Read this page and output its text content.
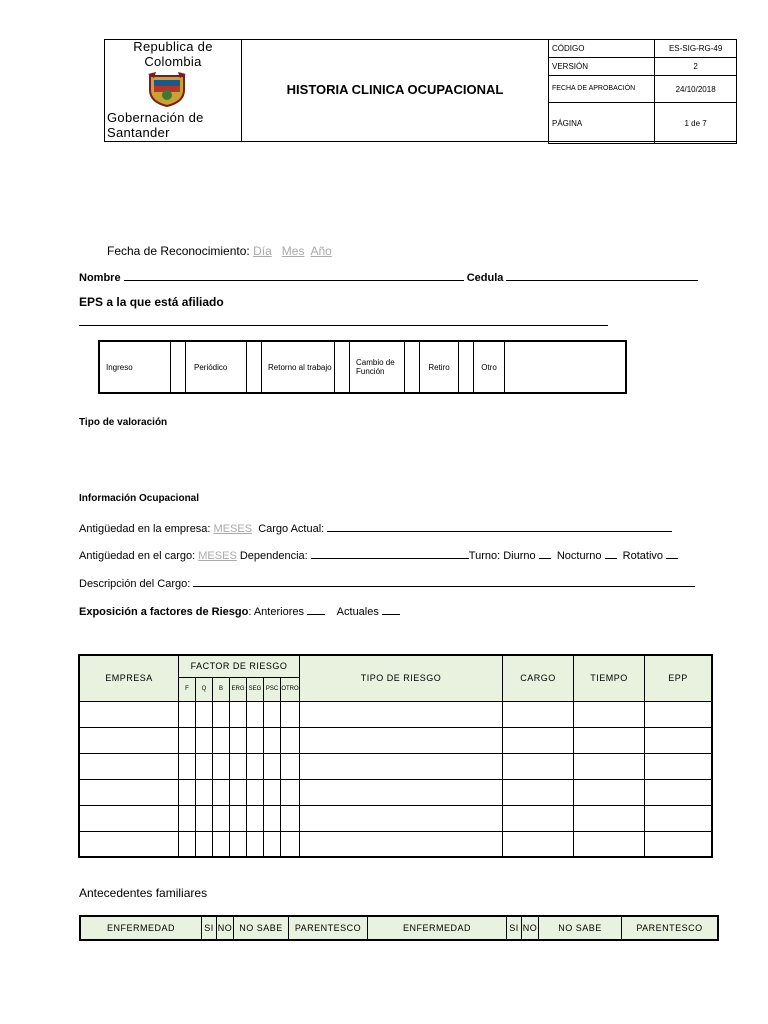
Republica de Colombia
Gobernación de Santander
HISTORIA CLINICA OCUPACIONAL
CÓDIGO	ES-SIG-RG-49
VERSIÓN	2
FECHA DE APROBACIÓN	24/10/2018
PÁGINA	1 de 7
Fecha de Reconocimiento: Día Mes Año
Nombre	Cedula
EPS a la que está afiliado
Ingreso		Periódico		Retorno al trabajo		Cambio de Función		Retiro		Otro	
Tipo de valoración
Información Ocupacional
Antigüedad en la empresa: MESES Cargo Actual:
Antigüedad en el cargo: MESES Dependencia:	Turno: Diurno Nocturno Rotativo
Descripción del Cargo:
Exposición a factores de Riesgo: Anteriores	Actuales
EMPRESA	FACTOR DE RIESGO							TIPO DE RIESGO	CARGO	TIEMPO	EPP
	F	Q	B	ERG	SEG	PSC	OTRO				

Antecedentes familiares
ENFERMEDAD	SI	NO	NO SABE	PARENTESCO	ENFERMEDAD	SI	NO	NO SABE	PARENTESCO
